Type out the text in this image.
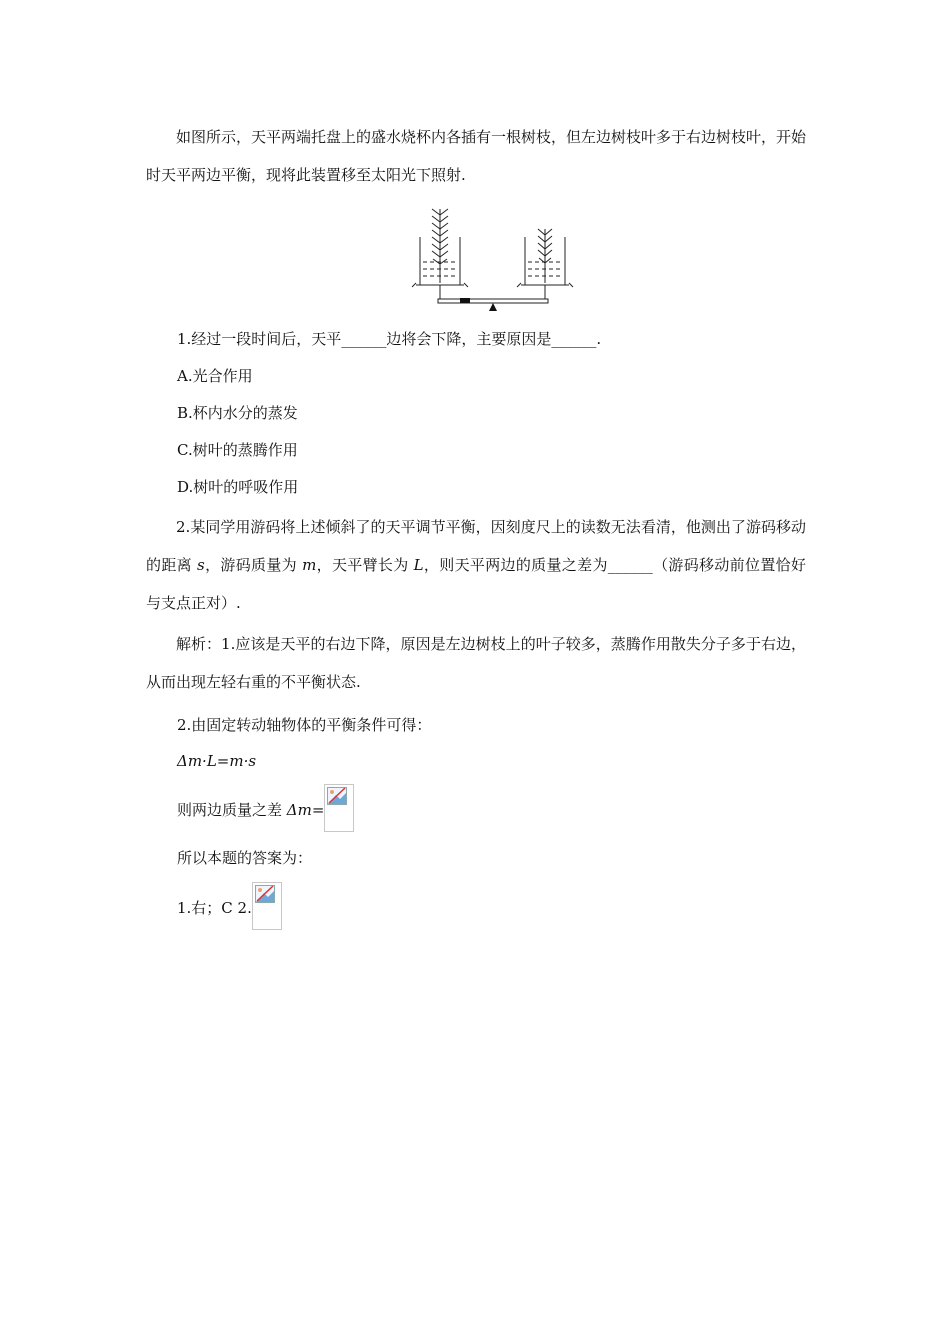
如图所示，天平两端托盘上的盛水烧杯内各插有一根树枝，但左边树枝叶多于右边树枝叶，开始时天平两边平衡，现将此装置移至太阳光下照射.

1.经过一段时间后，天平______边将会下降，主要原因是______.

A.光合作用

B.杯内水分的蒸发

C.树叶的蒸腾作用

D.树叶的呼吸作用

2.某同学用游码将上述倾斜了的天平调节平衡，因刻度尺上的读数无法看清，他测出了游码移动的距离 s，游码质量为 m，天平臂长为 L，则天平两边的质量之差为______（游码移动前位置恰好与支点正对）.

解析：1.应该是天平的右边下降，原因是左边树枝上的叶子较多，蒸腾作用散失分子多于右边，从而出现左轻右重的不平衡状态.

2.由固定转动轴物体的平衡条件可得：

Δm·L=m·s

则两边质量之差 Δm=

所以本题的答案为：

1.右；C 2.
